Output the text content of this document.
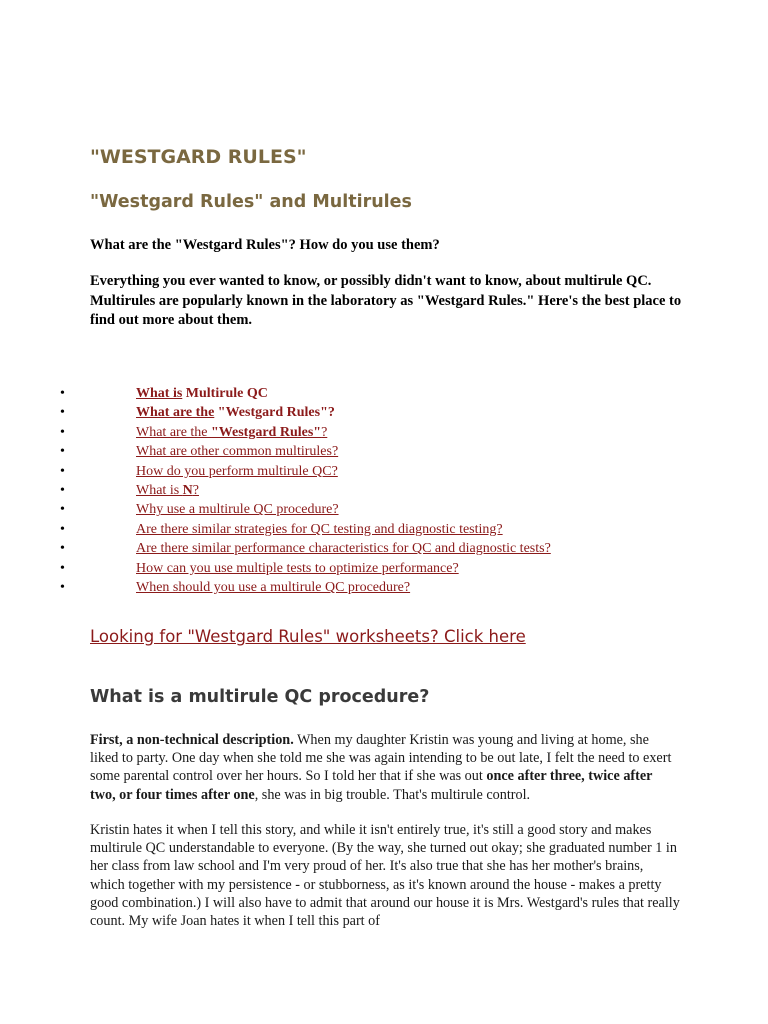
"WESTGARD RULES"
"Westgard Rules" and Multirules

What are the "Westgard Rules"? How do you use them?

Everything you ever wanted to know, or possibly didn't want to know, about multirule QC. Multirules are popularly known in the laboratory as "Westgard Rules." Here's the best place to find out more about them.

•	What is Multirule QC
•	What are the "Westgard Rules"?
•	What are the "Westgard Rules"?
•	What are other common multirules?
•	How do you perform multirule QC?
•	What is N?
•	Why use a multirule QC procedure?
•	Are there similar strategies for QC testing and diagnostic testing?
•	Are there similar performance characteristics for QC and diagnostic tests?
•	How can you use multiple tests to optimize performance?
•	When should you use a multirule QC procedure?
Looking for "Westgard Rules" worksheets? Click here
What is a multirule QC procedure?

First, a non-technical description. When my daughter Kristin was young and living at home, she liked to party. One day when she told me she was again intending to be out late, I felt the need to exert some parental control over her hours. So I told her that if she was out once after three, twice after two, or four times after one, she was in big trouble. That's multirule control.

Kristin hates it when I tell this story, and while it isn't entirely true, it's still a good story and makes multirule QC understandable to everyone. (By the way, she turned out okay; she graduated number 1 in her class from law school and I'm very proud of her. It's also true that she has her mother's brains, which together with my persistence - or stubborness, as it's known around the house - makes a pretty good combination.) I will also have to admit that around our house it is Mrs. Westgard's rules that really count. My wife Joan hates it when I tell this part of
